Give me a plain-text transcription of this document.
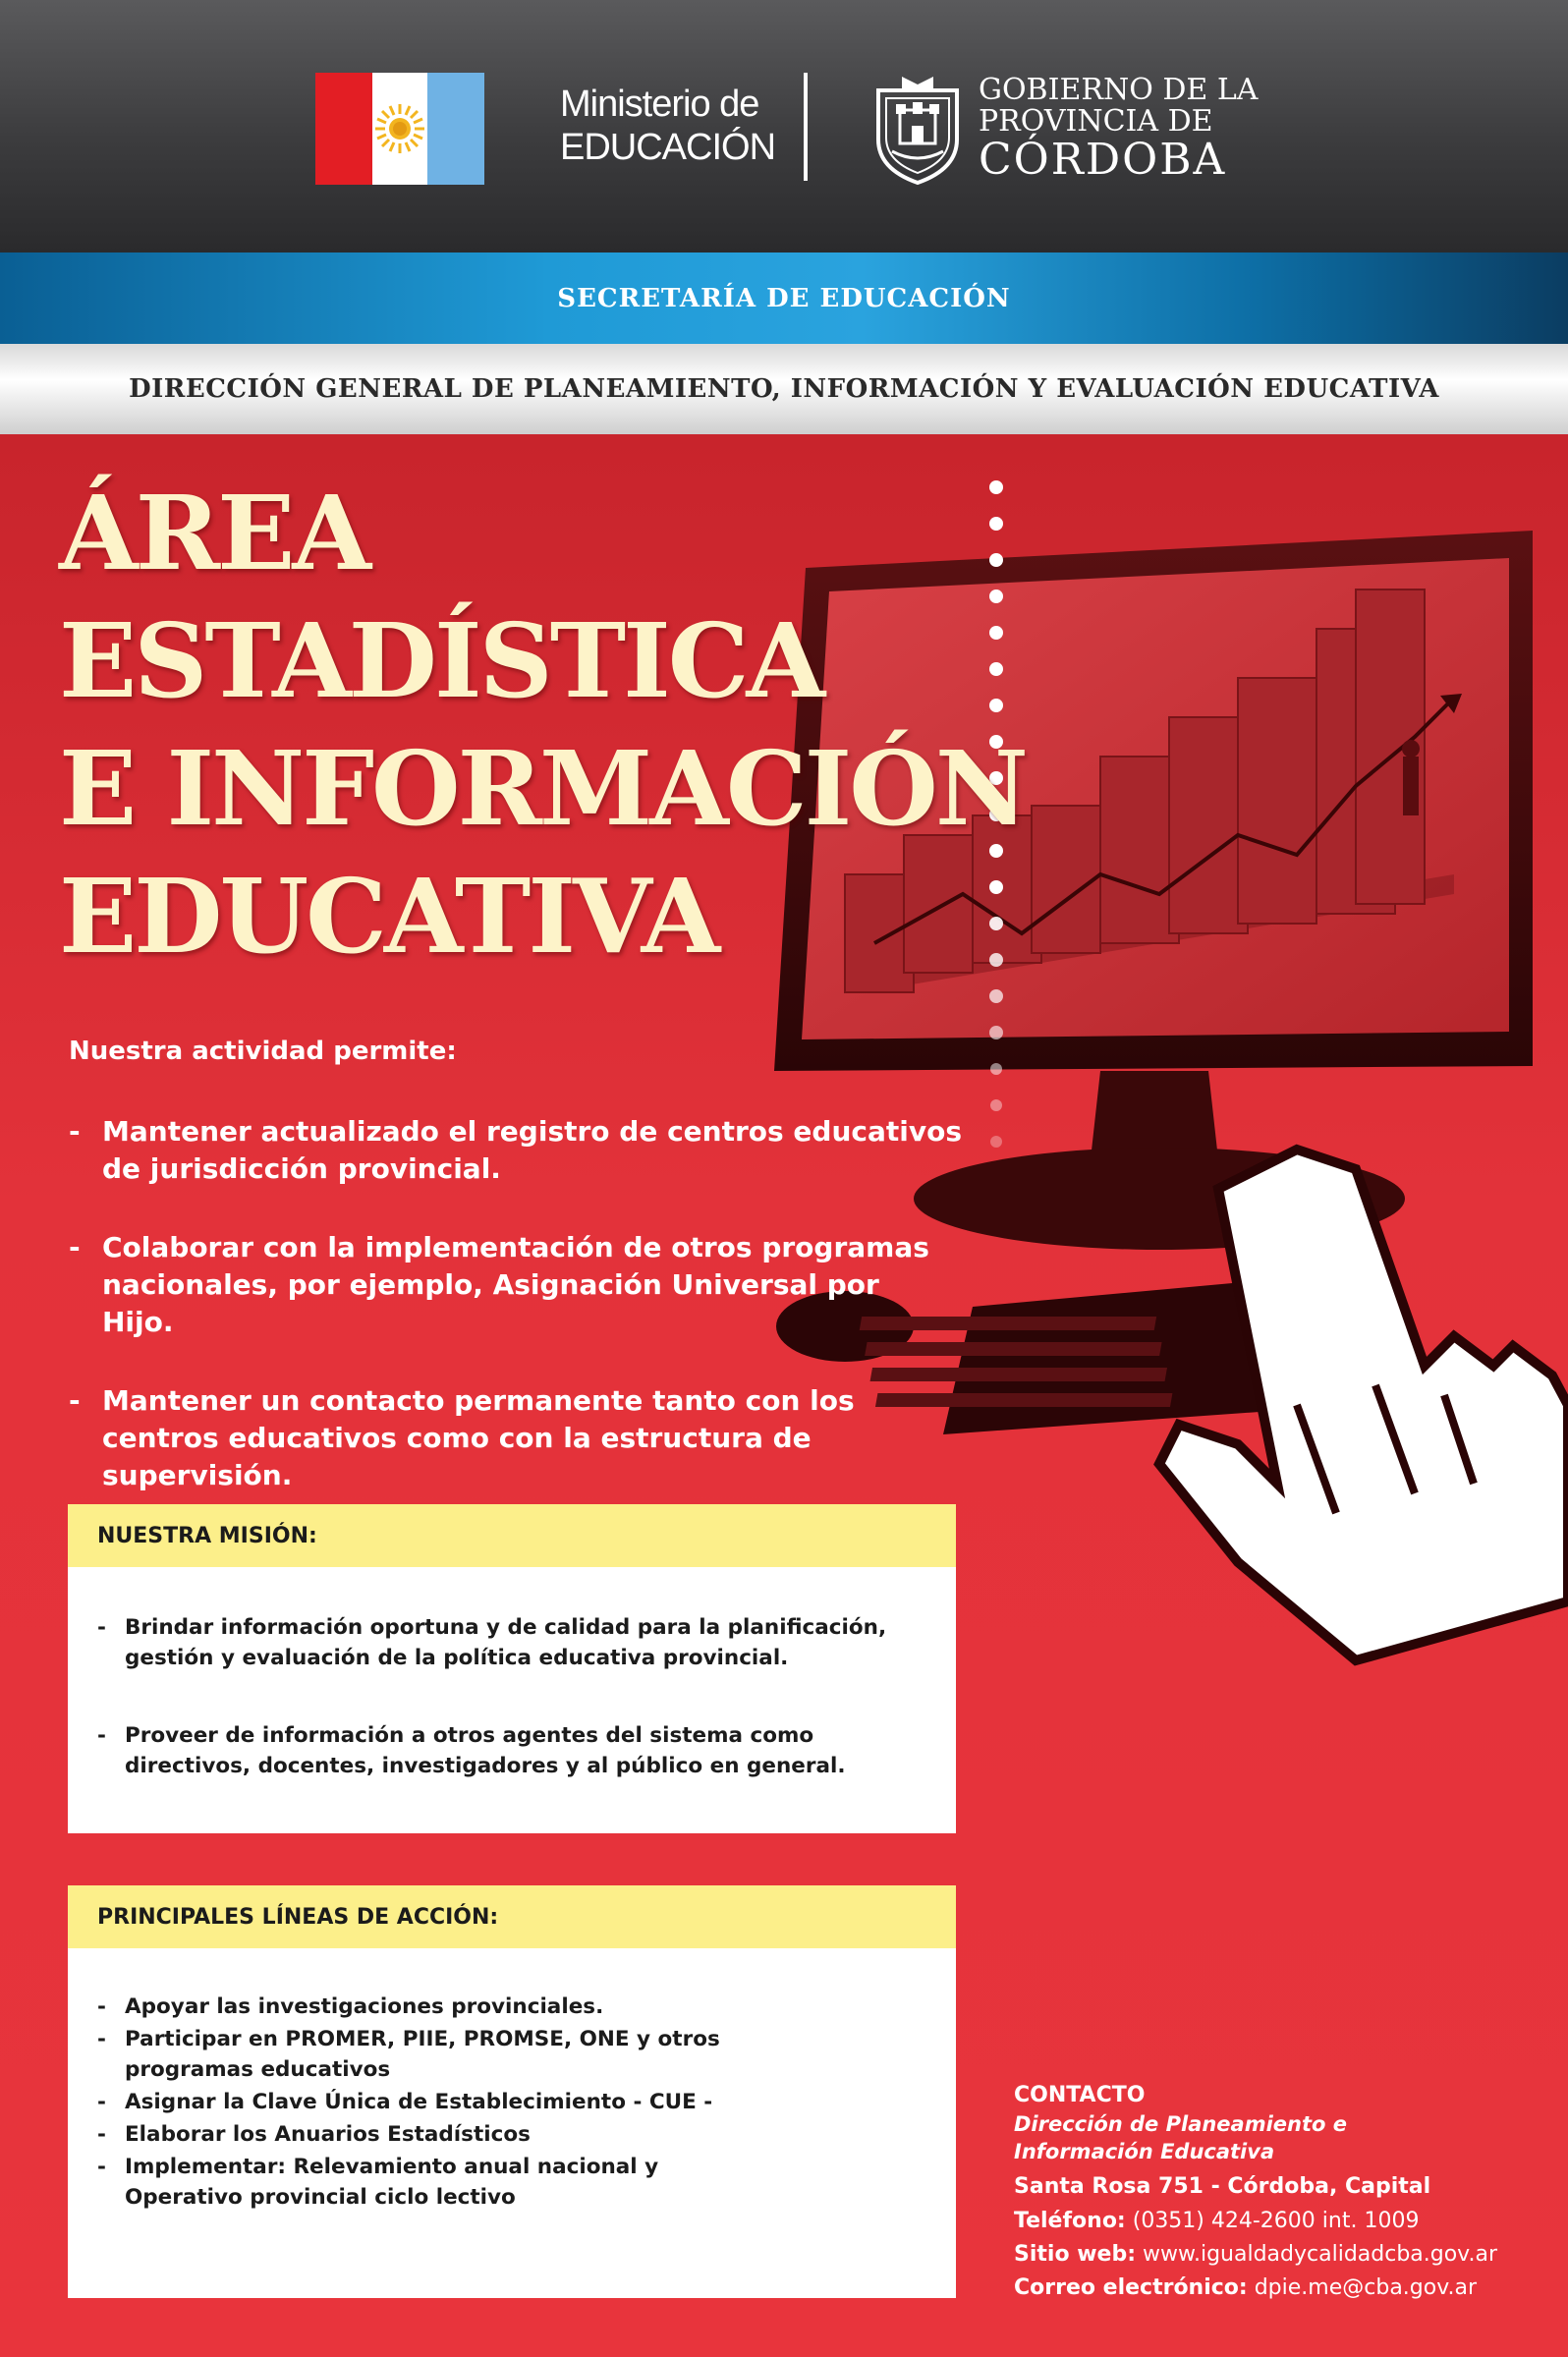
Ministerio de
EDUCACIÓN
GOBIERNO DE LA
PROVINCIA DE
CÓRDOBA
SECRETARÍA DE EDUCACIÓN
DIRECCIÓN GENERAL DE PLANEAMIENTO, INFORMACIÓN Y EVALUACIÓN EDUCATIVA
ÁREA
ESTADÍSTICA
E INFORMACIÓN
EDUCATIVA
Nuestra actividad permite:
- Mantener actualizado el registro de centros educativos de jurisdicción provincial.
- Colaborar con la implementación de otros programas nacionales, por ejemplo, Asignación Universal por Hijo.
- Mantener un contacto permanente tanto con los centros educativos como con la estructura de supervisión.
NUESTRA MISIÓN:
- Brindar información oportuna y de calidad para la planificación, gestión y evaluación de la política educativa provincial.
- Proveer de información a otros agentes del sistema como directivos, docentes, investigadores y al público en general.
PRINCIPALES LÍNEAS DE ACCIÓN:
- Apoyar las investigaciones provinciales.
- Participar en PROMER, PIIE, PROMSE, ONE y otros programas educativos
- Asignar la Clave Única de Establecimiento - CUE -
- Elaborar los Anuarios Estadísticos
- Implementar: Relevamiento anual nacional y Operativo provincial ciclo lectivo
CONTACTO
Dirección de Planeamiento e
Información Educativa
Santa Rosa 751 - Córdoba, Capital
Teléfono: (0351) 424-2600 int. 1009
Sitio web: www.igualdadycalidadcba.gov.ar
Correo electrónico: dpie.me@cba.gov.ar
